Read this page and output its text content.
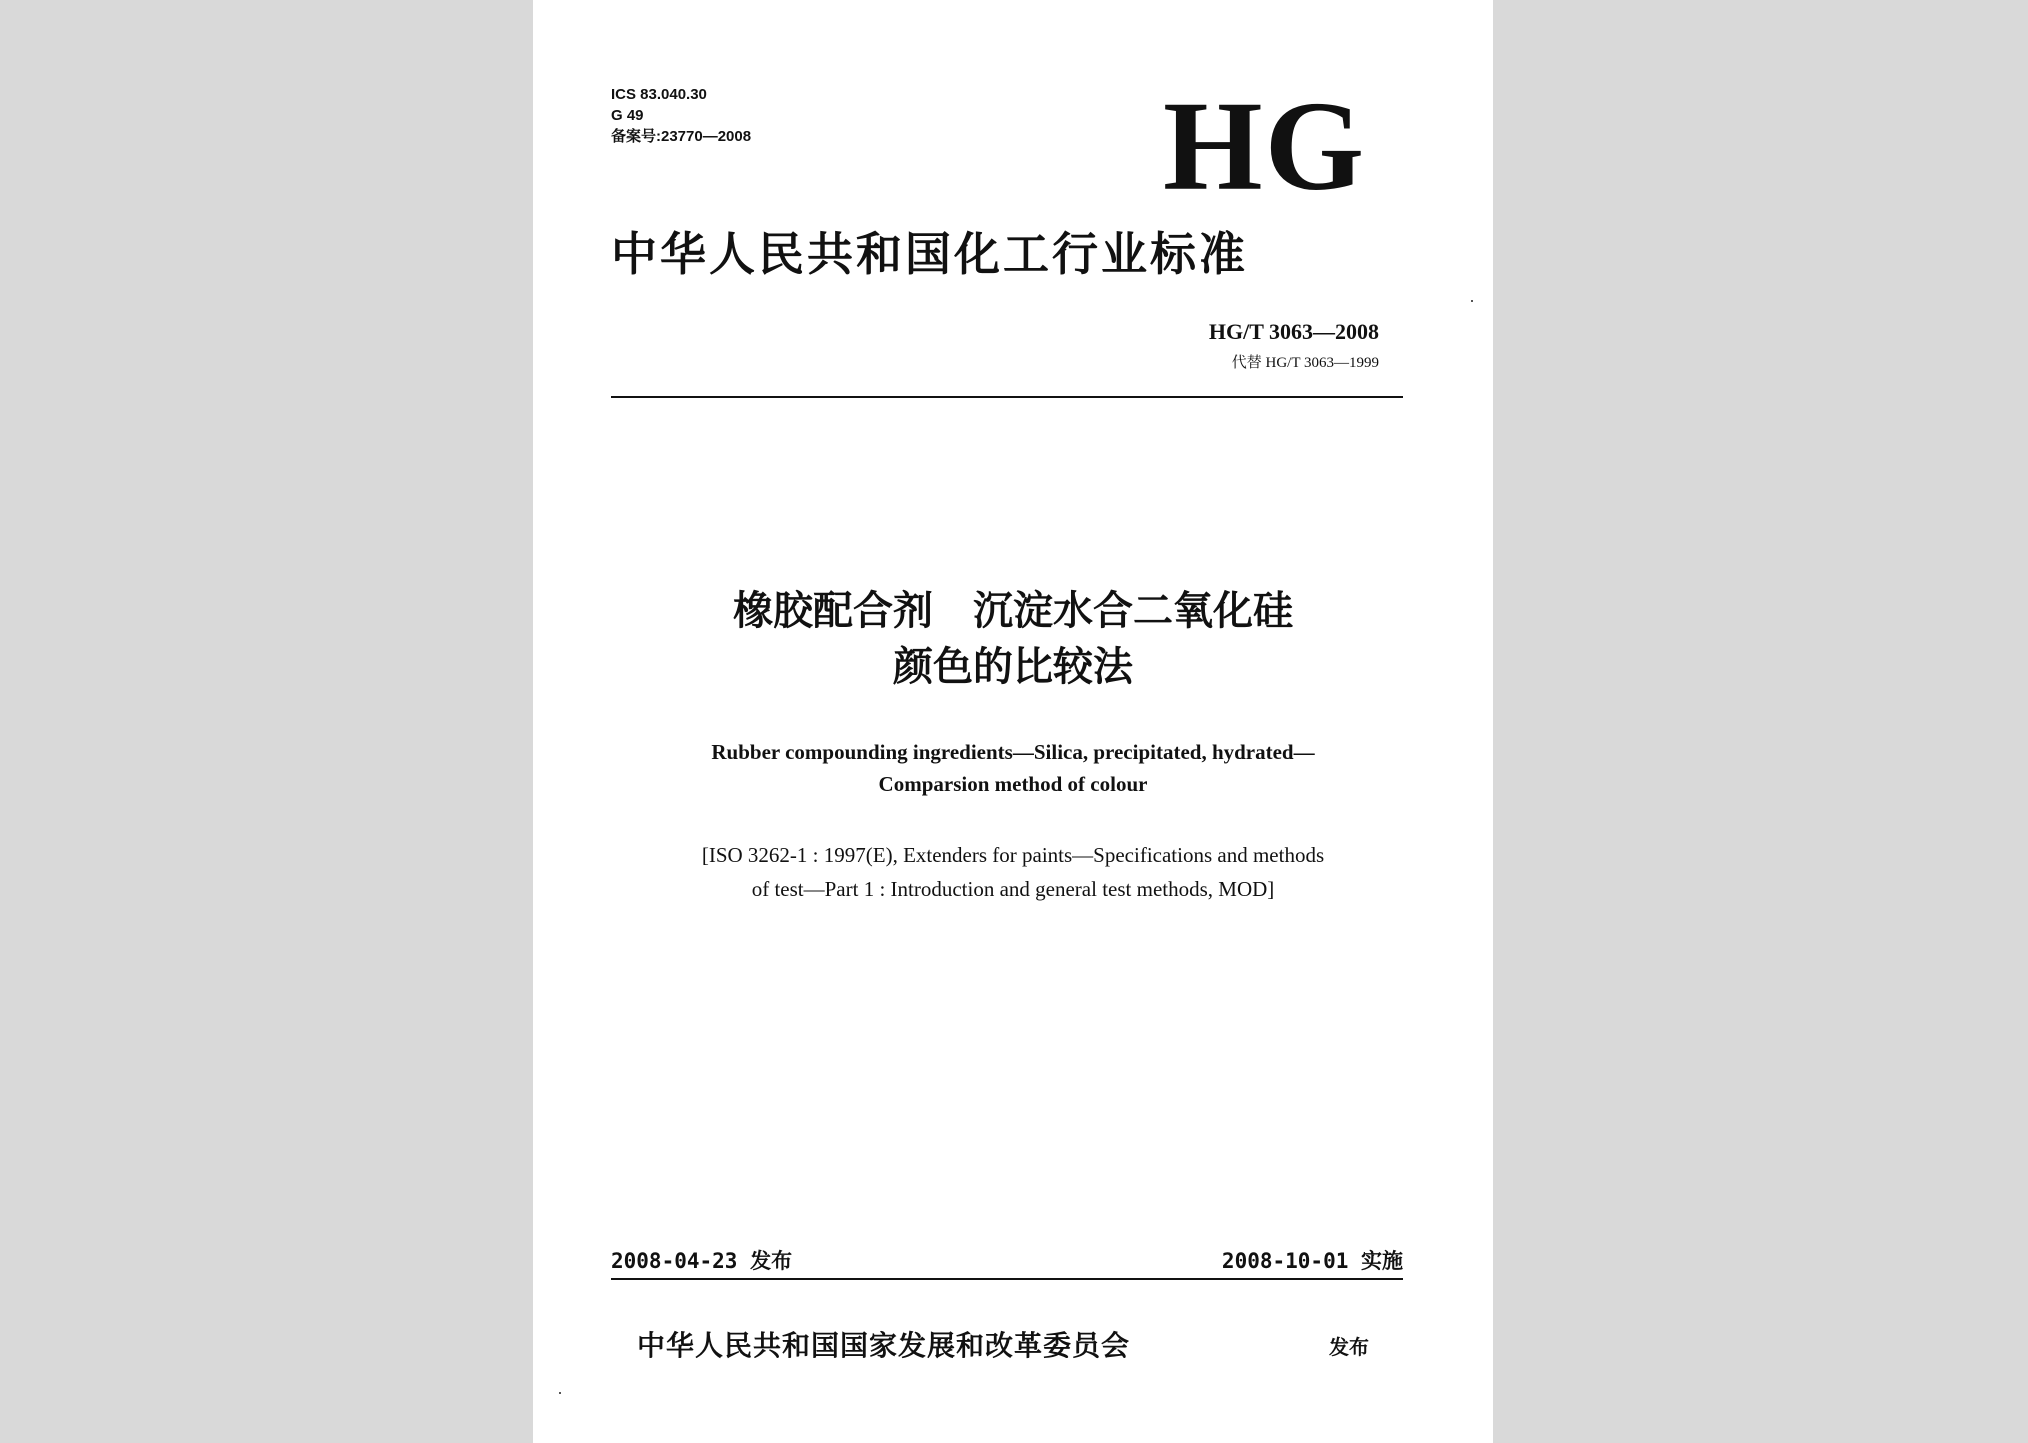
ICS 83.040.30
G 49
备案号:23770—2008	HG
中华人民共和国化工行业标准
HG/T 3063—2008
代替 HG/T 3063—1999
橡胶配合剂　沉淀水合二氧化硅
颜色的比较法
Rubber compounding ingredients—Silica, precipitated, hydrated—
Comparsion method of colour
[ISO 3262-1 : 1997(E), Extenders for paints—Specifications and methods
of test—Part 1 : Introduction and general test methods, MOD]
2008-04-23 发布	2008-10-01 实施
中华人民共和国国家发展和改革委员会	发布
